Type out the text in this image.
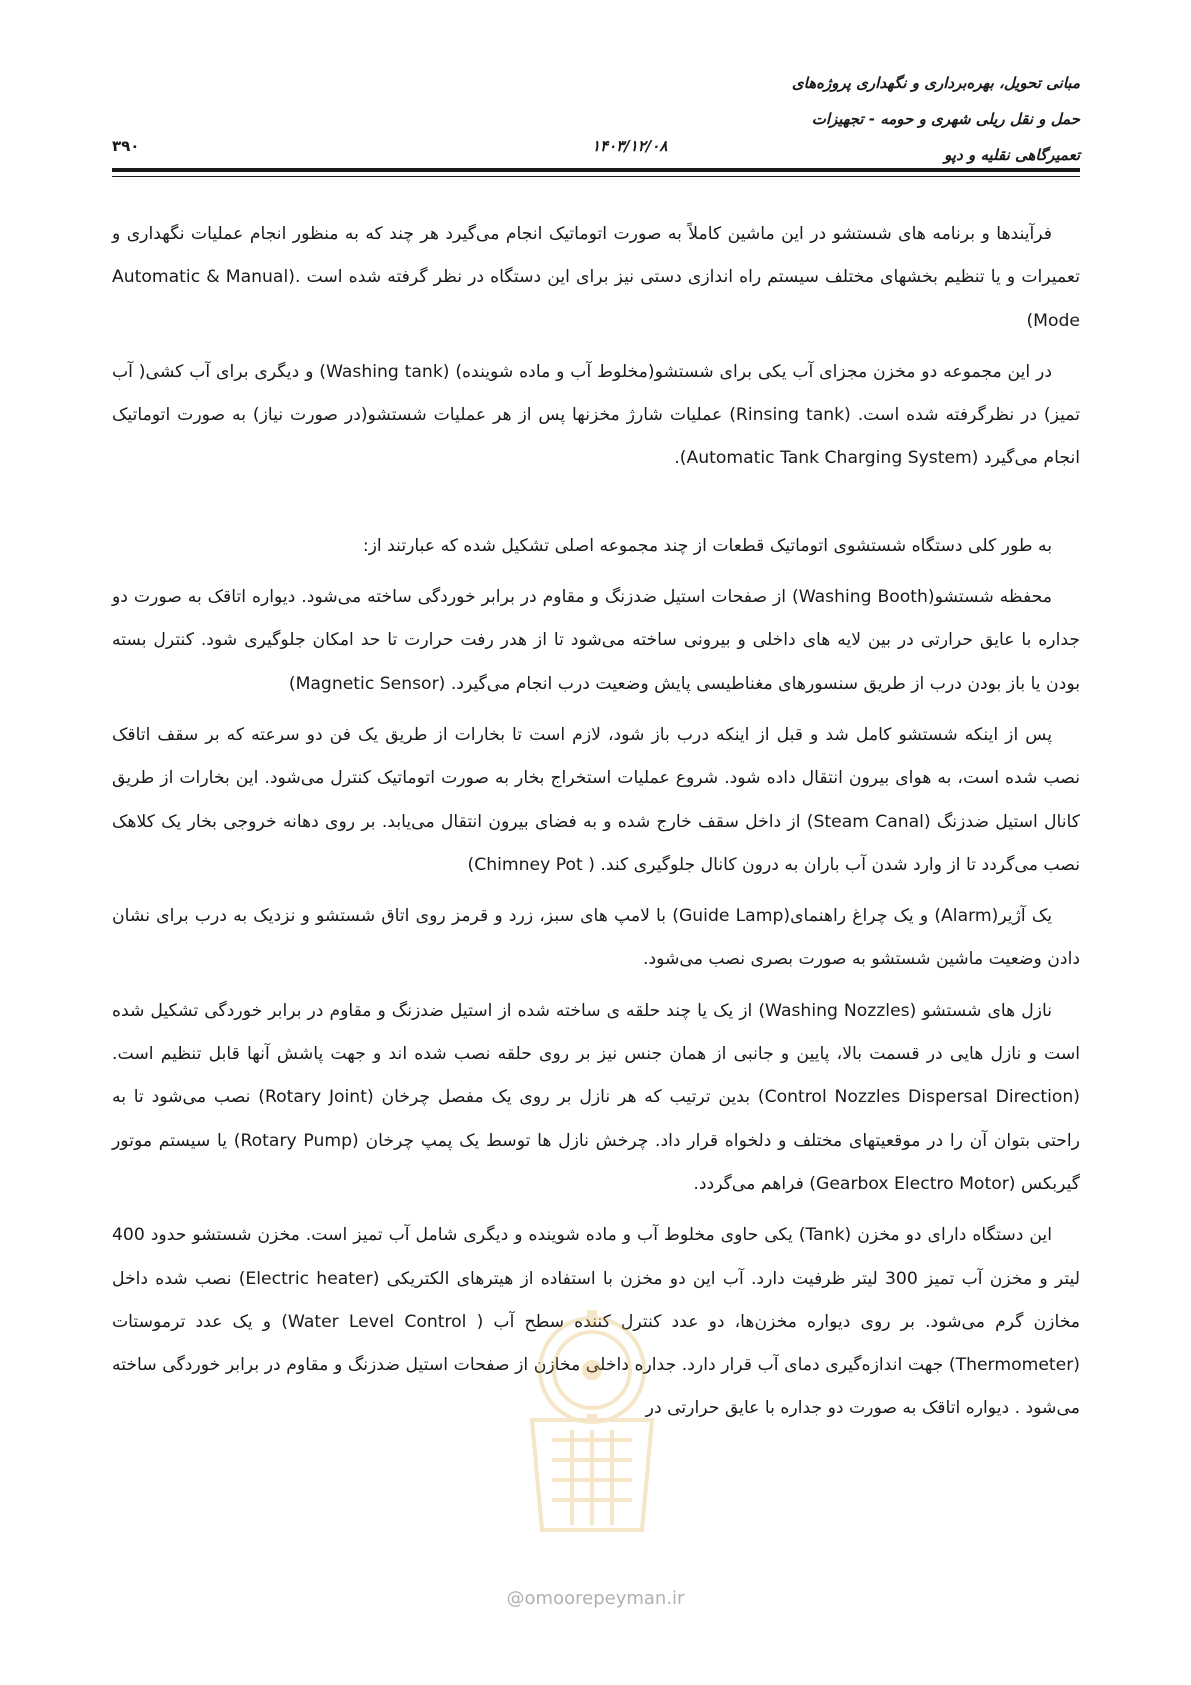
مبانی تحویل، بهره‌برداری و نگهداری پروژه‌های
حمل و نقل ریلی شهری و حومه - تجهیزات
تعمیرگاهی نقلیه و دپو
۱۴۰۳/۱۲/۰۸
۳۹۰

فرآیندها و برنامه های شستشو در این ماشین کاملاً به صورت اتوماتیک انجام می‌گیرد هر چند که به منظور انجام عملیات نگهداری و تعمیرات و یا تنظیم بخشهای مختلف سیستم راه اندازی دستی نیز برای این دستگاه در نظر گرفته شده است .(Automatic & Manual Mode)

در این مجموعه دو مخزن مجزای آب یکی برای شستشو(مخلوط آب و ماده شوینده) (Washing tank) و دیگری برای آب کشی( آب تمیز) در نظرگرفته شده است. (Rinsing tank) عملیات شارژ مخزنها پس از هر عملیات شستشو(در صورت نیاز) به صورت اتوماتیک انجام می‌گیرد (Automatic Tank Charging System).

به طور کلی دستگاه شستشوی اتوماتیک قطعات از چند مجموعه اصلی تشکیل شده که عبارتند از:

محفظه شستشو(Washing Booth) از صفحات استیل ضدزنگ و مقاوم در برابر خوردگی ساخته می‌شود. دیواره اتاقک به صورت دو جداره با عایق حرارتی در بین لایه های داخلی و بیرونی ساخته می‌شود تا از هدر رفت حرارت تا حد امکان جلوگیری شود. کنترل بسته بودن یا باز بودن درب از طریق سنسورهای مغناطیسی پایش وضعیت درب انجام می‌گیرد. (Magnetic Sensor)

پس از اینکه شستشو کامل شد و قبل از اینکه درب باز شود، لازم است تا بخارات از طریق یک فن دو سرعته که بر سقف اتاقک نصب شده است، به هوای بیرون انتقال داده شود. شروع عملیات استخراج بخار به صورت اتوماتیک کنترل می‌شود. این بخارات از طریق کانال استیل ضدزنگ (Steam Canal) از داخل سقف خارج شده و به فضای بیرون انتقال می‌یابد. بر روی دهانه خروجی بخار یک کلاهک نصب می‌گردد تا از وارد شدن آب باران به درون کانال جلوگیری کند. ( Chimney Pot)

یک آژیر(Alarm) و یک چراغ راهنمای(Guide Lamp) با لامپ های سبز، زرد و قرمز روی اتاق شستشو و نزدیک به درب برای نشان دادن وضعیت ماشین شستشو به صورت بصری نصب می‌شود.

نازل های شستشو (Washing Nozzles) از یک یا چند حلقه ی ساخته شده از استیل ضدزنگ و مقاوم در برابر خوردگی تشکیل شده است و نازل هایی در قسمت بالا، پایین و جانبی از همان جنس نیز بر روی حلقه نصب شده اند و جهت پاشش آنها قابل تنظیم است. (Control Nozzles Dispersal Direction) بدین ترتیب که هر نازل بر روی یک مفصل چرخان (Rotary Joint) نصب می‌شود تا به راحتی بتوان آن را در موقعیتهای مختلف و دلخواه قرار داد. چرخش نازل ها توسط یک پمپ چرخان (Rotary Pump) یا سیستم موتور گیربکس (Gearbox Electro Motor) فراهم می‌گردد.

این دستگاه دارای دو مخزن (Tank) یکی حاوی مخلوط آب و ماده شوینده و دیگری شامل آب تمیز است. مخزن شستشو حدود 400 لیتر و مخزن آب تمیز 300 لیتر ظرفیت دارد. آب این دو مخزن با استفاده از هیترهای الکتریکی (Electric heater) نصب شده داخل مخازن گرم می‌شود. بر روی دیواره مخزن‌ها، دو عدد کنترل کننده سطح آب ( Water Level Control) و یک عدد ترموستات (Thermometer) جهت اندازه‌گیری دمای آب قرار دارد. جداره داخلی مخازن از صفحات استیل ضدزنگ و مقاوم در برابر خوردگی ساخته می‌شود . دیواره اتاقک به صورت دو جداره با عایق حرارتی در

@omoorepeyman.ir
